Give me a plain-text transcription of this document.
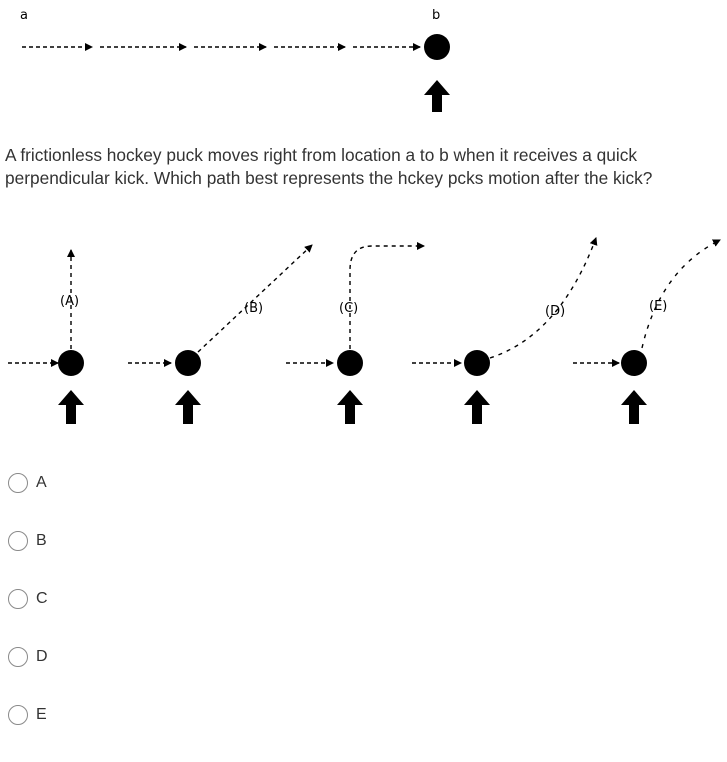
a	b
(A)	(B)	(C)	(D)	(E)
A frictionless hockey puck moves right from location a to b when it receives a quick perpendicular kick. Which path best represents the hckey pcks motion after the kick?
A
B
C
D
E
